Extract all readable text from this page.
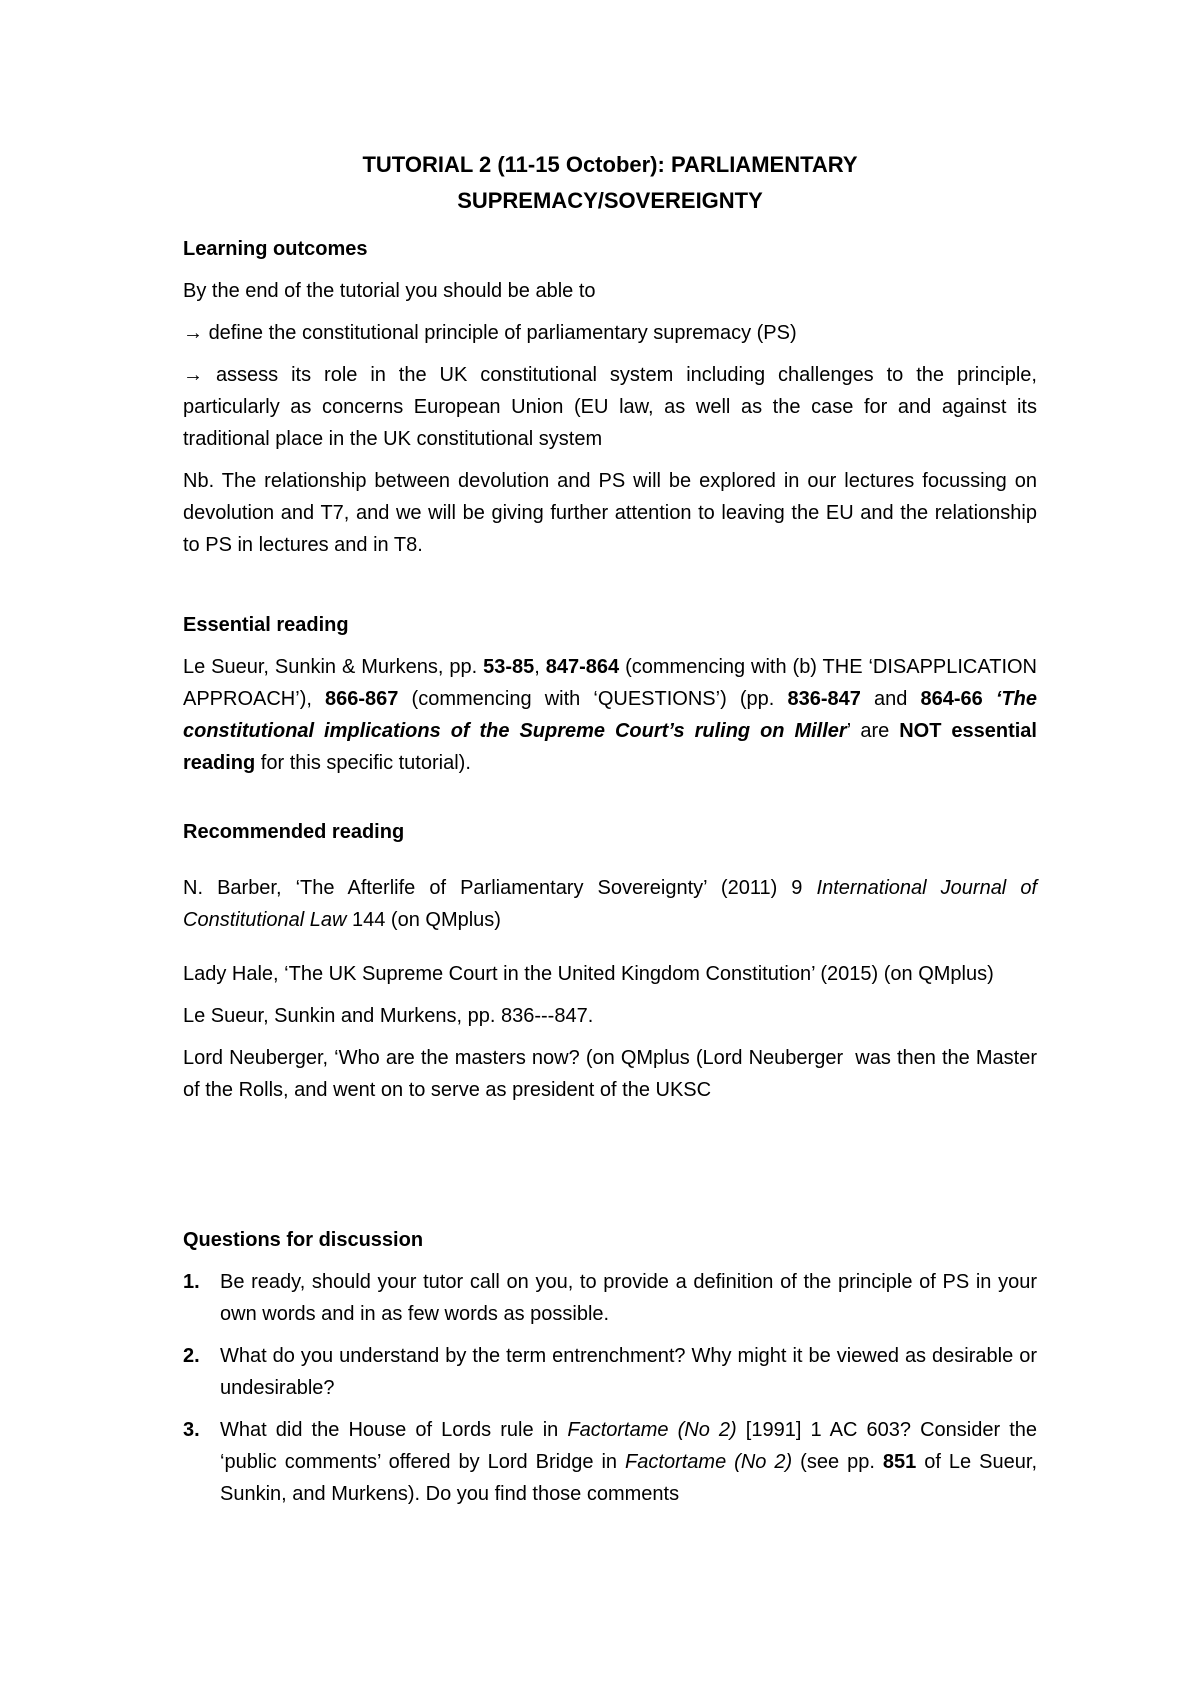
TUTORIAL 2 (11-15 October): PARLIAMENTARY
SUPREMACY/SOVEREIGNTY

Learning outcomes

By the end of the tutorial you should be able to

→ define the constitutional principle of parliamentary supremacy (PS)

→ assess its role in the UK constitutional system including challenges to the principle, particularly as concerns European Union (EU law, as well as the case for and against its traditional place in the UK constitutional system

Nb. The relationship between devolution and PS will be explored in our lectures focussing on devolution and T7, and we will be giving further attention to leaving the EU and the relationship to PS in lectures and in T8.

Essential reading

Le Sueur, Sunkin & Murkens, pp. 53-85, 847-864 (commencing with (b) THE ‘DISAPPLICATION APPROACH’), 866-867 (commencing with ‘QUESTIONS’) (pp. 836-847 and 864-66 ‘The constitutional implications of the Supreme Court’s ruling on Miller’ are NOT essential reading for this specific tutorial).

Recommended reading

N. Barber, ‘The Afterlife of Parliamentary Sovereignty’ (2011) 9 International Journal of Constitutional Law 144 (on QMplus)

Lady Hale, ‘The UK Supreme Court in the United Kingdom Constitution’ (2015) (on QMplus)

Le Sueur, Sunkin and Murkens, pp. 836---847.

Lord Neuberger, ‘Who are the masters now? (on QMplus (Lord Neuberger  was then the Master of the Rolls, and went on to serve as president of the UKSC

Questions for discussion

1. Be ready, should your tutor call on you, to provide a definition of the principle of PS in your own words and in as few words as possible.
2. What do you understand by the term entrenchment? Why might it be viewed as desirable or undesirable?
3. What did the House of Lords rule in Factortame (No 2) [1991] 1 AC 603? Consider the ‘public comments’ offered by Lord Bridge in Factortame (No 2) (see pp. 851 of Le Sueur, Sunkin, and Murkens). Do you find those comments
